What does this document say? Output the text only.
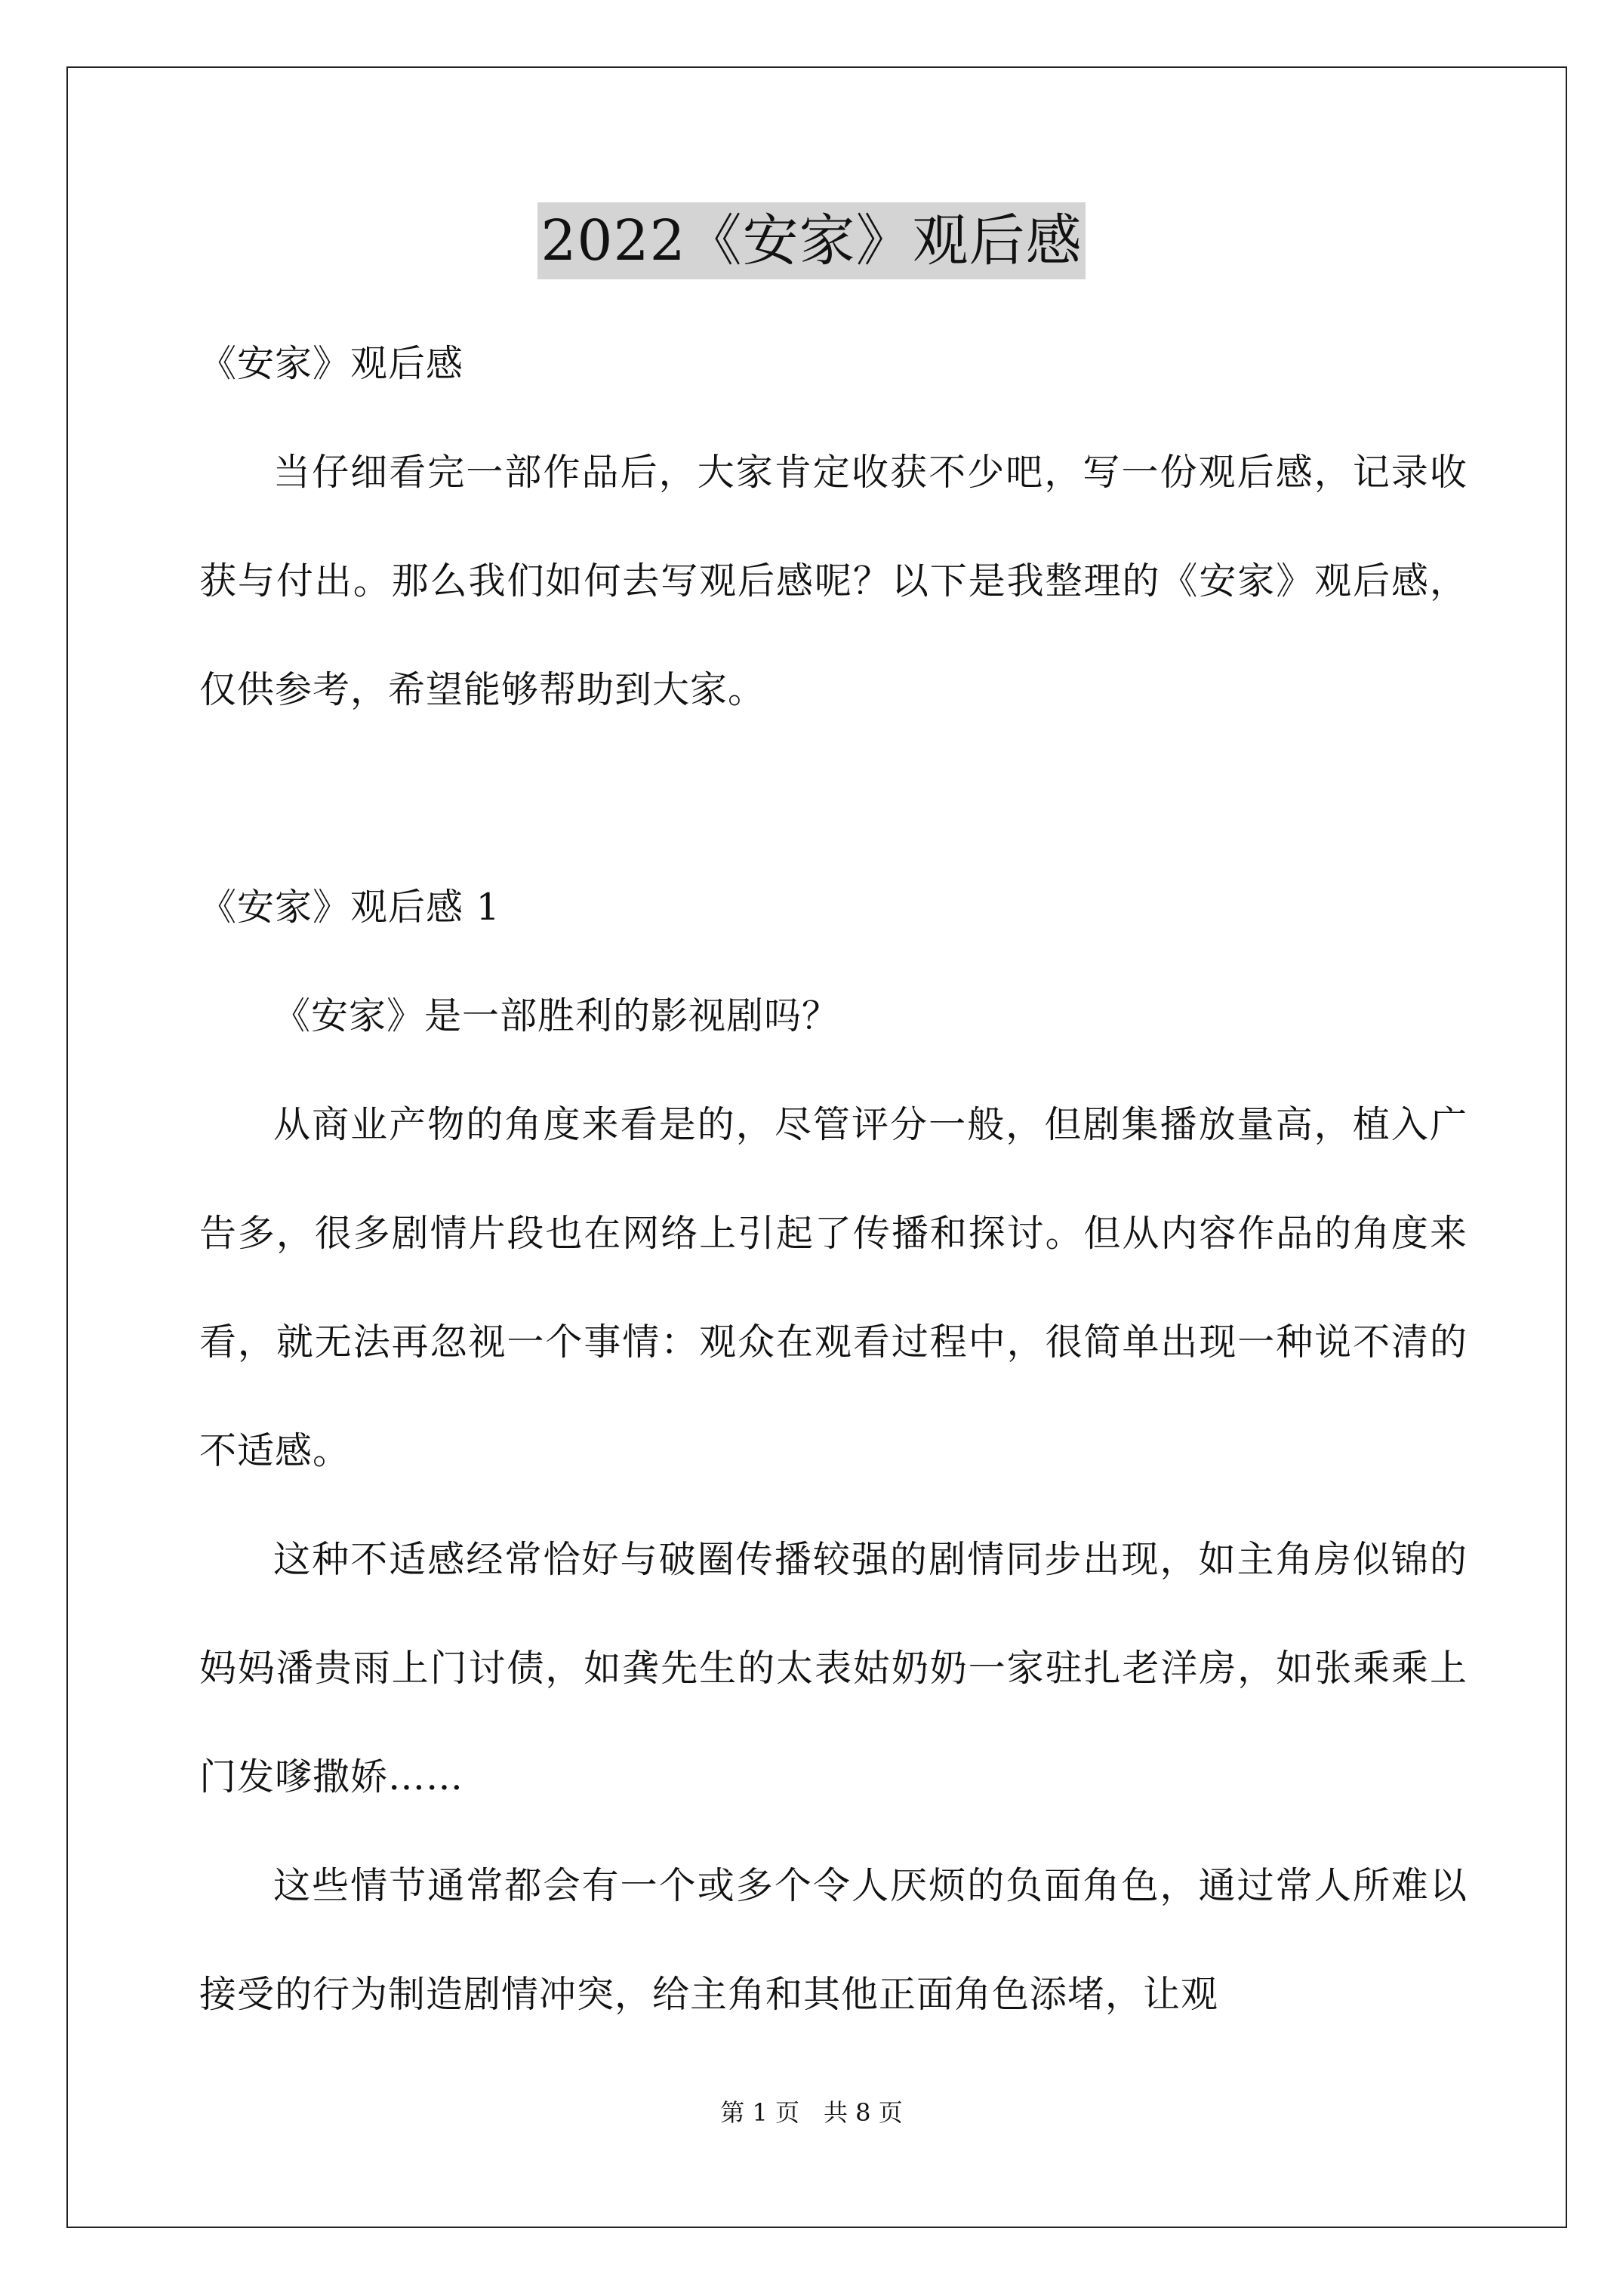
2022《安家》观后感

《安家》观后感

当仔细看完一部作品后，大家肯定收获不少吧，写一份观后感，记录收获与付出。那么我们如何去写观后感呢？以下是我整理的《安家》观后感，仅供参考，希望能够帮助到大家。

《安家》观后感 1

《安家》是一部胜利的影视剧吗？

从商业产物的角度来看是的，尽管评分一般，但剧集播放量高，植入广告多，很多剧情片段也在网络上引起了传播和探讨。但从内容作品的角度来看，就无法再忽视一个事情：观众在观看过程中，很简单出现一种说不清的不适感。

这种不适感经常恰好与破圈传播较强的剧情同步出现，如主角房似锦的妈妈潘贵雨上门讨债，如龚先生的太表姑奶奶一家驻扎老洋房，如张乘乘上门发嗲撒娇……

这些情节通常都会有一个或多个令人厌烦的负面角色，通过常人所难以接受的行为制造剧情冲突，给主角和其他正面角色添堵，让观

第 1 页　共 8 页
